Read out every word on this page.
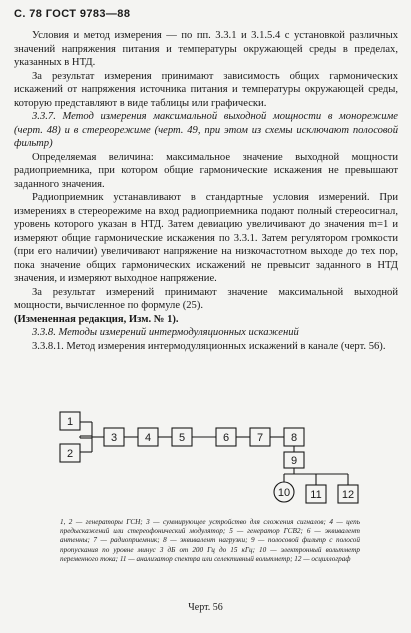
С. 78 ГОСТ 9783—88

Условия и метод измерения — по пп. 3.3.1 и 3.1.5.4 с установкой различных значений напряжения питания и температуры окружающей среды в пределах, указанных в НТД.

За результат измерения принимают зависимость общих гармонических искажений от напряжения источника питания и температуры окружающей среды, которую представляют в виде таблицы или графически.

3.3.7. Метод измерения максимальной выходной мощности в монорежиме (черт. 48) и в стереорежиме (черт. 49, при этом из схемы исключают полосовой фильтр)

Определяемая величина: максимальное значение выходной мощности радиоприемника, при котором общие гармонические искажения не превышают заданного значения.

Радиоприемник устанавливают в стандартные условия измерений. При измерениях в стереорежиме на вход радиоприемника подают полный стереосигнал, уровень которого указан в НТД. Затем девиацию увеличивают до значения m=1 и измеряют общие гармонические искажения по 3.3.1. Затем регулятором громкости (при его наличии) увеличивают напряжение на низкочастотном выходе до тех пор, пока значение общих гармонических искажений не превысит заданного в НТД значения, и измеряют выходное напряжение.

За результат измерений принимают значение максимальной выходной мощности, вычисленное по формуле (25).

(Измененная редакция, Изм. № 1).

3.3.8. Методы измерений интермодуляционных искажений

3.3.8.1. Метод измерения интермодуляционных искажений в канале (черт. 56).

1
2
3	4	5	6	7	8
9
10 11 12
1, 2 — генераторы ГСН; 3 — суммирующее устройство для сложения сигналов; 4 — цепь предыскажений или стереофонический модулятор; 5 — генератор ГСВ2; 6 — эквивалент антенны; 7 — радиоприемник; 8 — эквивалент нагрузки; 9 — полосовой фильтр с полосой пропускания по уровне минус 3 дБ от 200 Гц до 15 кГц; 10 — электронный вольтметр переменного тока; 11 — анализатор спектра или селективный вольтметр; 12 — осциллограф
Черт. 56
